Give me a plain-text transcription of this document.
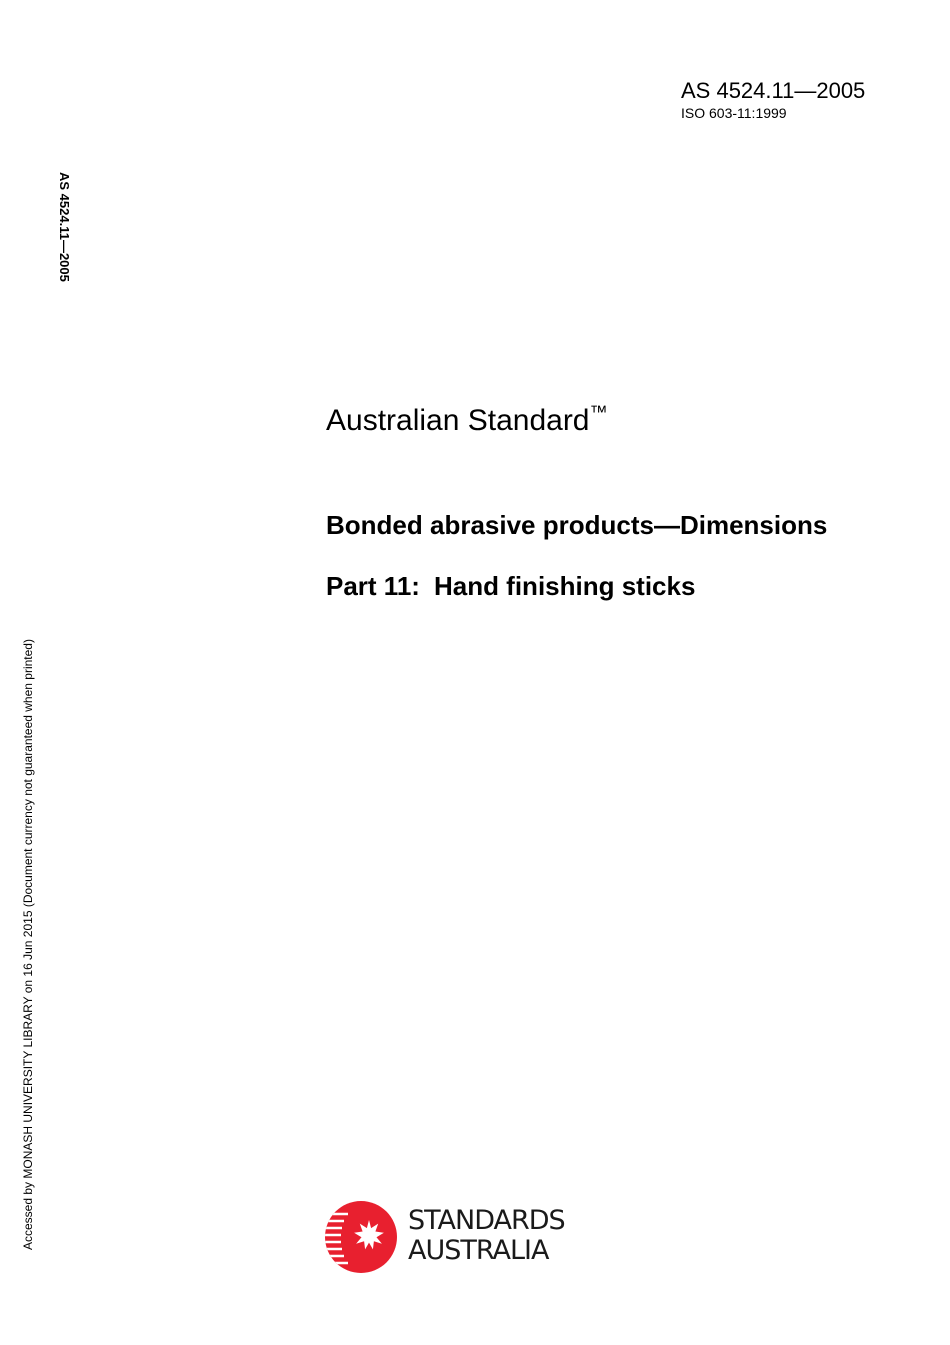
AS 4524.11—2005
ISO 603-11:1999
AS 4524.11—2005
Accessed by MONASH UNIVERSITY LIBRARY on 16 Jun 2015 (Document currency not guaranteed when printed)
Australian Standard™
Bonded abrasive products—Dimensions
Part 11: Hand finishing sticks
STANDARDS
AUSTRALIA
